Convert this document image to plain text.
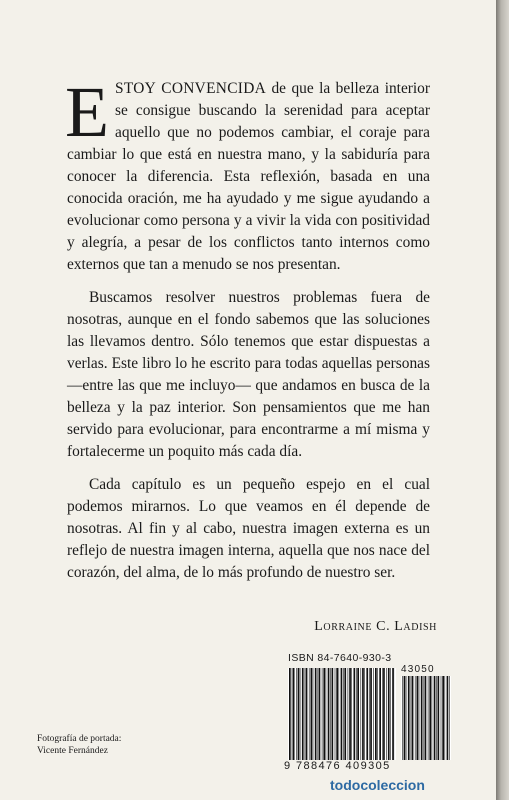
ESTOY CONVENCIDA de que la belleza interior se consigue buscando la serenidad para aceptar aquello que no podemos cambiar, el coraje para cambiar lo que está en nuestra mano, y la sabiduría para conocer la diferencia. Esta reflexión, basada en una conocida oración, me ha ayudado y me sigue ayudando a evolucionar como persona y a vivir la vida con positividad y alegría, a pesar de los conflictos tanto internos como externos que tan a menudo se nos presentan.

Buscamos resolver nuestros problemas fuera de nosotras, aunque en el fondo sabemos que las soluciones las llevamos dentro. Sólo tenemos que estar dispuestas a verlas. Este libro lo he escrito para todas aquellas personas —entre las que me incluyo— que andamos en busca de la belleza y la paz interior. Son pensamientos que me han servido para evolucionar, para encontrarme a mí misma y fortalecerme un poquito más cada día.

Cada capítulo es un pequeño espejo en el cual podemos mirarnos. Lo que veamos en él depende de nosotras. Al fin y al cabo, nuestra imagen externa es un reflejo de nuestra imagen interna, aquella que nos nace del corazón, del alma, de lo más profundo de nuestro ser.

Lorraine C. Ladish
ISBN 84-7640-930-3
43050
9 788476 409305
Fotografía de portada:
Vicente Fernández
todocoleccion
